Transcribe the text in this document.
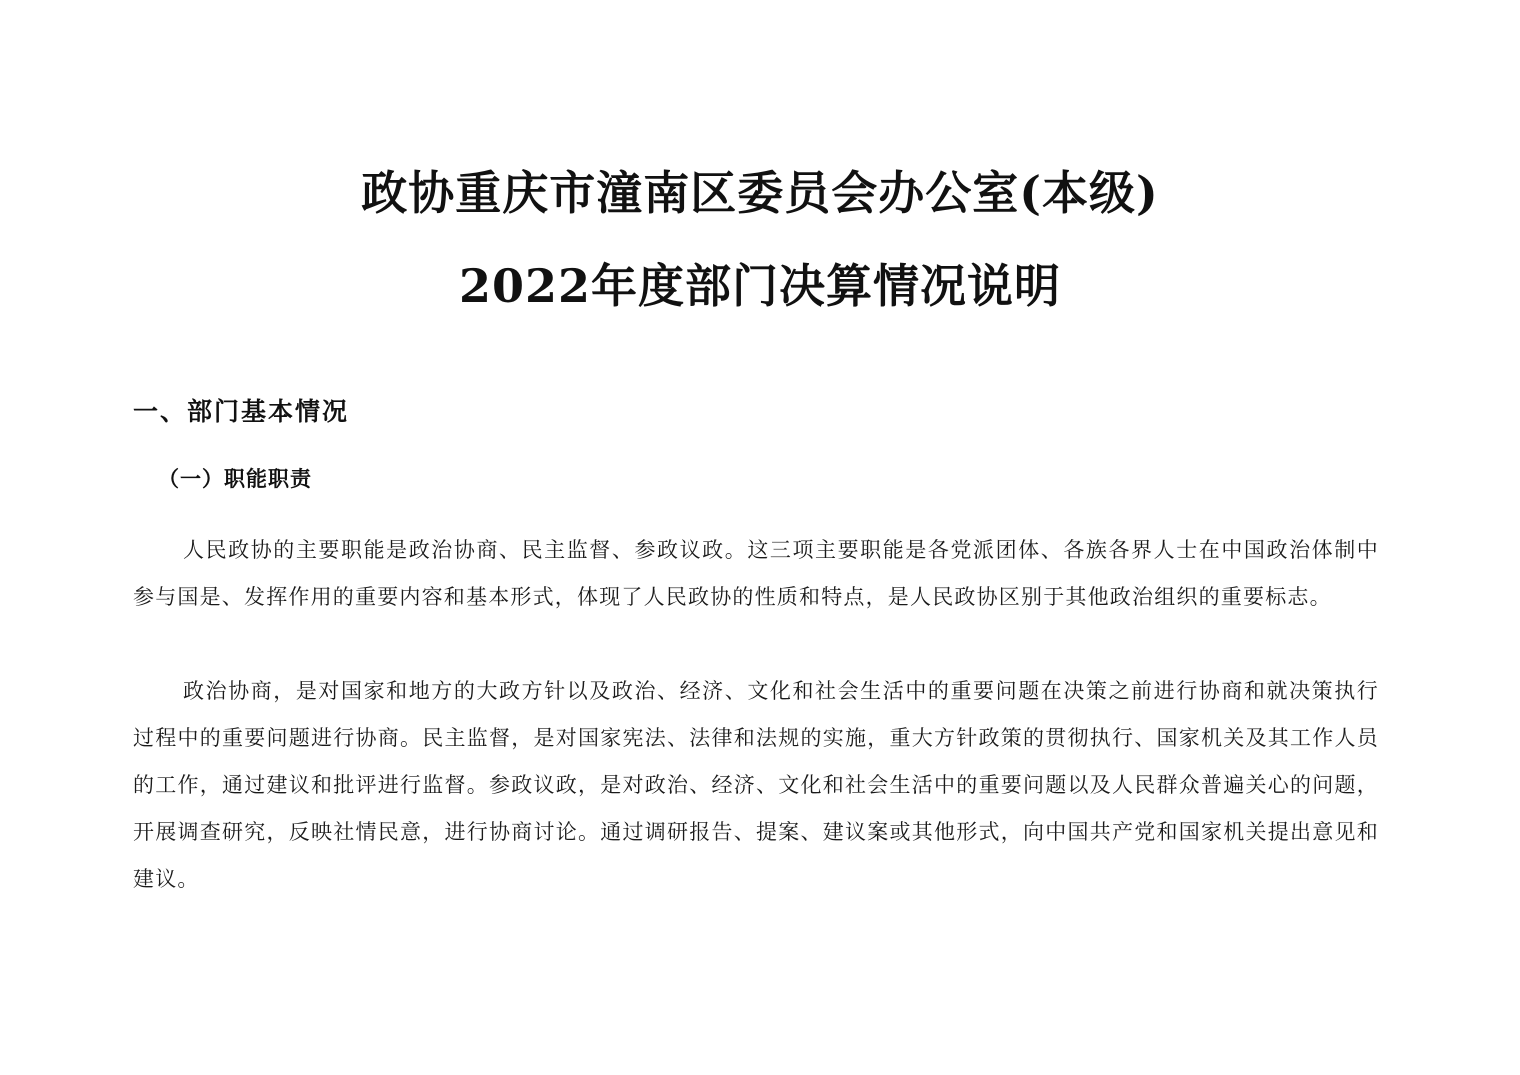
政协重庆市潼南区委员会办公室(本级)
2022年度部门决算情况说明
一、部门基本情况
（一）职能职责

人民政协的主要职能是政治协商、民主监督、参政议政。这三项主要职能是各党派团体、各族各界人士在中国政治体制中参与国是、发挥作用的重要内容和基本形式，体现了人民政协的性质和特点，是人民政协区别于其他政治组织的重要标志。

政治协商，是对国家和地方的大政方针以及政治、经济、文化和社会生活中的重要问题在决策之前进行协商和就决策执行过程中的重要问题进行协商。民主监督，是对国家宪法、法律和法规的实施，重大方针政策的贯彻执行、国家机关及其工作人员的工作，通过建议和批评进行监督。参政议政，是对政治、经济、文化和社会生活中的重要问题以及人民群众普遍关心的问题，开展调查研究，反映社情民意，进行协商讨论。通过调研报告、提案、建议案或其他形式，向中国共产党和国家机关提出意见和建议。
